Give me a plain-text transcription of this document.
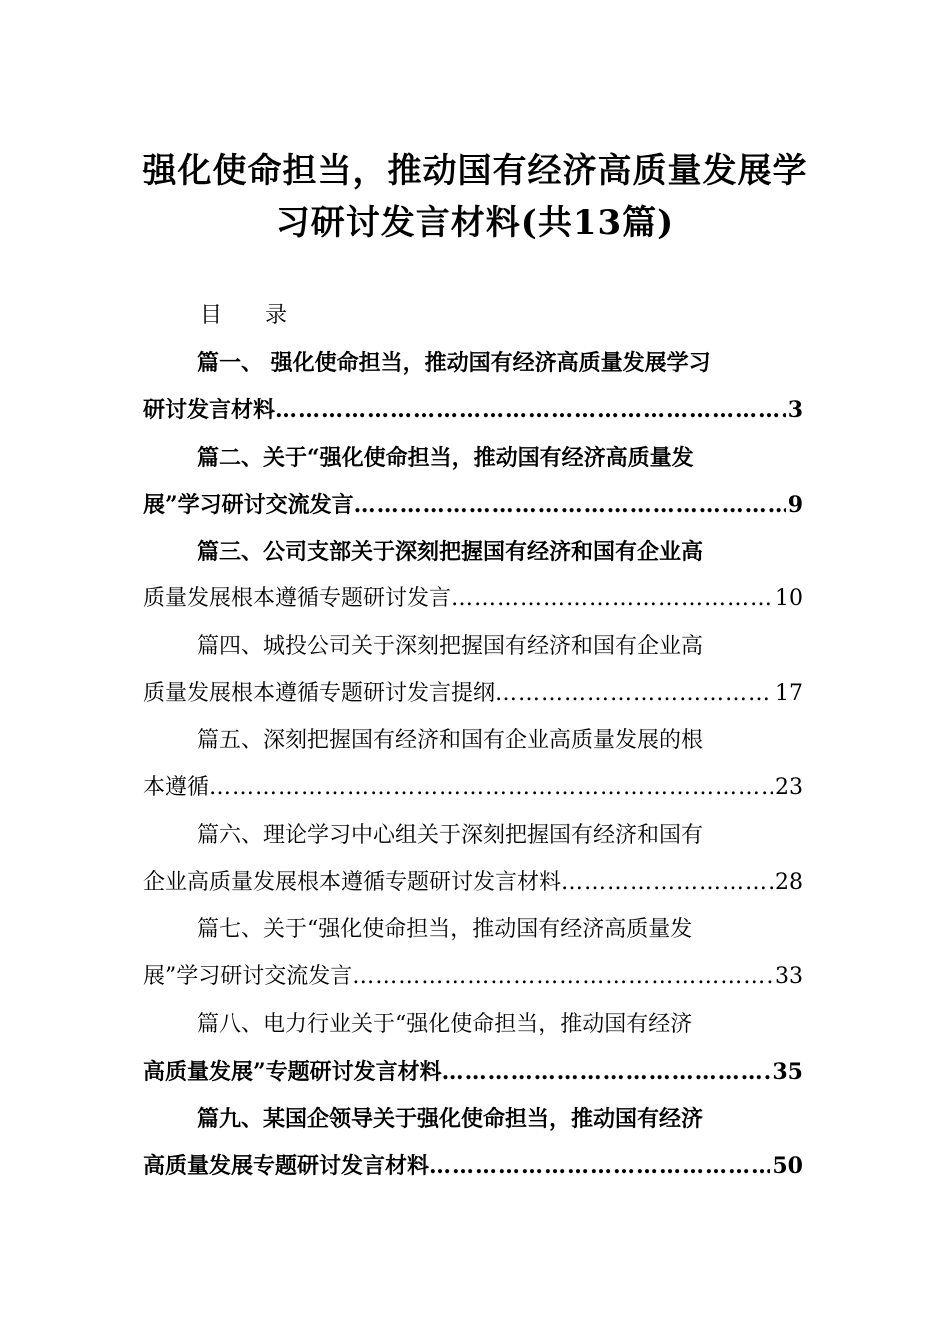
强化使命担当，推动国有经济高质量发展学
习研讨发言材料(共13篇)
目 录
篇一、 强化使命担当，推动国有经济高质量发展学习
研讨发言材料 ……………………………………………………………………………………………………………………………………	3
篇二、关于“强化使命担当，推动国有经济高质量发
展”学习研讨交流发言 ……………………………………………………………………………………………………………………………………	9
篇三、公司支部关于深刻把握国有经济和国有企业高
质量发展根本遵循专题研讨发言 ……………………………………………………………………………………………………………………………………	10
篇四、城投公司关于深刻把握国有经济和国有企业高
质量发展根本遵循专题研讨发言提纲 ……………………………………………………………………………………………………………………………………	17
篇五、深刻把握国有经济和国有企业高质量发展的根
本遵循 ……………………………………………………………………………………………………………………………………	23
篇六、理论学习中心组关于深刻把握国有经济和国有
企业高质量发展根本遵循专题研讨发言材料 ……………………………………………………………………………………………………………………………………	28
篇七、关于“强化使命担当，推动国有经济高质量发
展”学习研讨交流发言 ……………………………………………………………………………………………………………………………………	33
篇八、电力行业关于“强化使命担当，推动国有经济
高质量发展”专题研讨发言材料 ……………………………………………………………………………………………………………………………………	35
篇九、某国企领导关于强化使命担当，推动国有经济
高质量发展专题研讨发言材料 ……………………………………………………………………………………………………………………………………	50
